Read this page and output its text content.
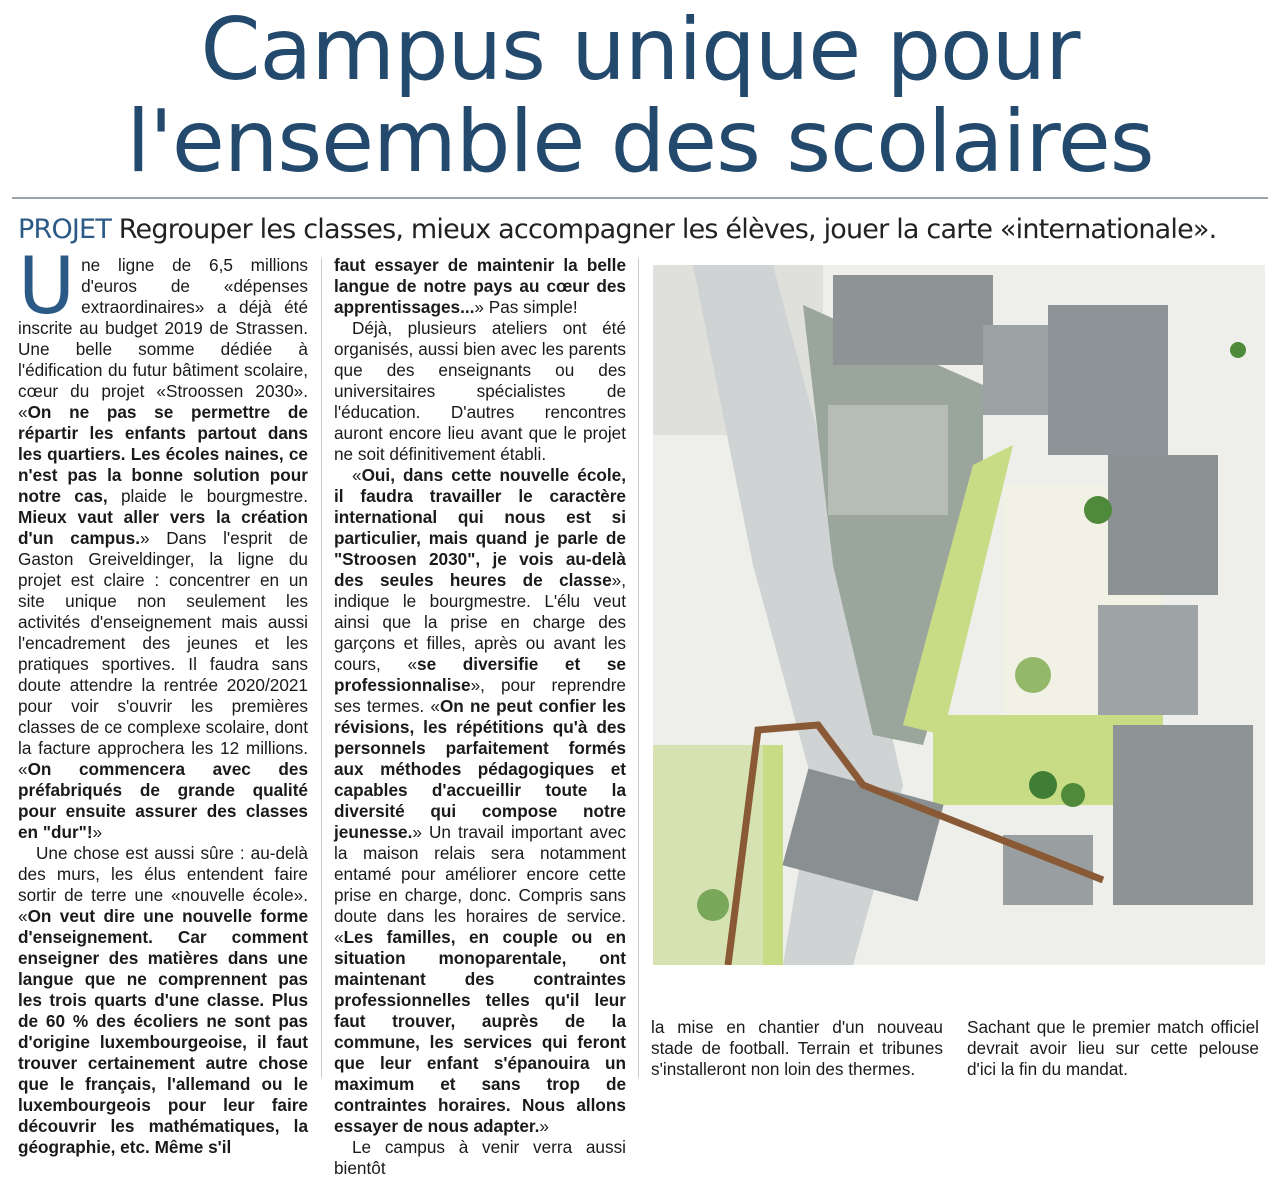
Campus unique pour
l'ensemble des scolaires
PROJET Regrouper les classes, mieux accompagner les élèves, jouer la carte «internationale».

Une ligne de 6,5 millions d'euros de «dépenses extraordinaires» a déjà été inscrite au budget 2019 de Strassen. Une belle somme dédiée à l'édification du futur bâtiment scolaire, cœur du projet «Stroossen 2030». «On ne pas se permettre de répartir les enfants partout dans les quartiers. Les écoles naines, ce n'est pas la bonne solution pour notre cas, plaide le bourgmestre. Mieux vaut aller vers la création d'un campus.» Dans l'esprit de Gaston Greiveldinger, la ligne du projet est claire : concentrer en un site unique non seulement les activités d'enseignement mais aussi l'encadrement des jeunes et les pratiques sportives. Il faudra sans doute attendre la rentrée 2020/2021 pour voir s'ouvrir les premières classes de ce complexe scolaire, dont la facture approchera les 12 millions. «On commencera avec des préfabriqués de grande qualité pour ensuite assurer des classes en "dur"!»

Une chose est aussi sûre : au-delà des murs, les élus entendent faire sortir de terre une «nouvelle école». «On veut dire une nouvelle forme d'enseignement. Car comment enseigner des matières dans une langue que ne comprennent pas les trois quarts d'une classe. Plus de 60 % des écoliers ne sont pas d'origine luxembourgeoise, il faut trouver certainement autre chose que le français, l'allemand ou le luxembourgeois pour leur faire découvrir les mathématiques, la géographie, etc. Même s'il

faut essayer de maintenir la belle langue de notre pays au cœur des apprentissages...» Pas simple!

Déjà, plusieurs ateliers ont été organisés, aussi bien avec les parents que des enseignants ou des universitaires spécialistes de l'éducation. D'autres rencontres auront encore lieu avant que le projet ne soit définitivement établi.

«Oui, dans cette nouvelle école, il faudra travailler le caractère international qui nous est si particulier, mais quand je parle de "Stroosen 2030", je vois au-delà des seules heures de classe», indique le bourgmestre. L'élu veut ainsi que la prise en charge des garçons et filles, après ou avant les cours, «se diversifie et se professionnalise», pour reprendre ses termes. «On ne peut confier les révisions, les répétitions qu'à des personnels parfaitement formés aux méthodes pédagogiques et capables d'accueillir toute la diversité qui compose notre jeunesse.» Un travail important avec la maison relais sera notamment entamé pour améliorer encore cette prise en charge, donc. Compris sans doute dans les horaires de service. «Les familles, en couple ou en situation monoparentale, ont maintenant des contraintes professionnelles telles qu'il leur faut trouver, auprès de la commune, les services qui feront que leur enfant s'épanouira un maximum et sans trop de contraintes horaires. Nous allons essayer de nous adapter.»

Le campus à venir verra aussi bientôt

la mise en chantier d'un nouveau stade de football. Terrain et tribunes s'installeront non loin des thermes.

Sachant que le premier match officiel devrait avoir lieu sur cette pelouse d'ici la fin du mandat.
